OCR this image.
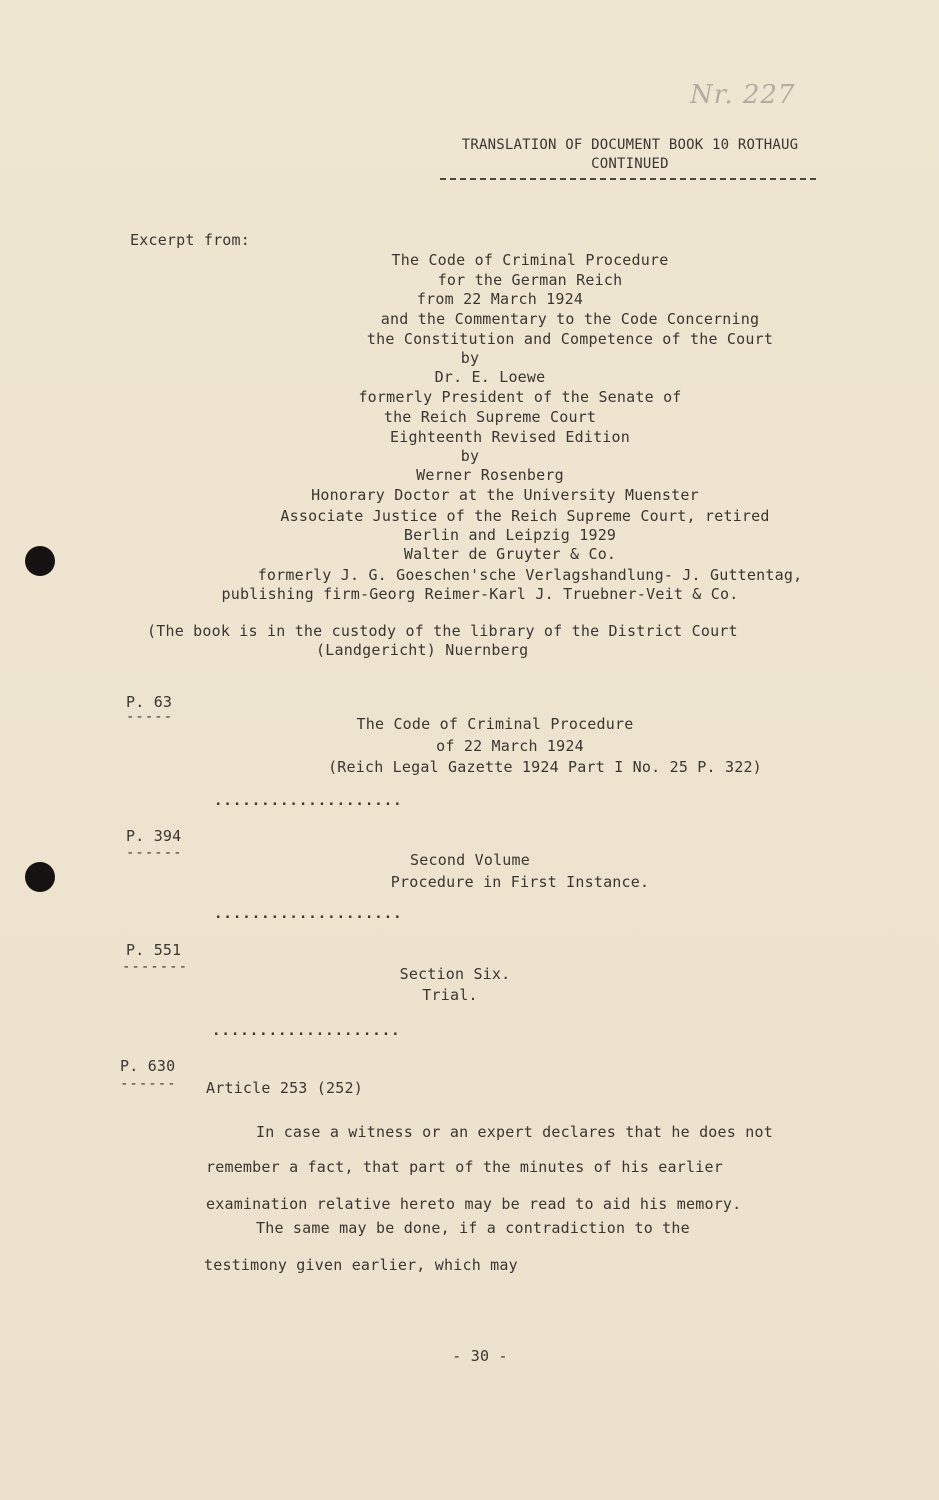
Nr. 227
TRANSLATION OF DOCUMENT BOOK 10 ROTHAUG
CONTINUED
Excerpt from:
The Code of Criminal Procedure
for the German Reich
from 22 March 1924
and the Commentary to the Code Concerning
the Constitution and Competence of the Court
by
Dr. E. Loewe
formerly President of the Senate of
the Reich Supreme Court
Eighteenth Revised Edition
by
Werner Rosenberg
Honorary Doctor at the University Muenster
Associate Justice of the Reich Supreme Court, retired
Berlin and Leipzig 1929
Walter de Gruyter & Co.
formerly J. G. Goeschen'sche Verlagshandlung- J. Guttentag,
publishing firm-Georg Reimer-Karl J. Truebner-Veit & Co.
(The book is in the custody of the library of the District Court
(Landgericht) Nuernberg
P. 63
-----	The Code of Criminal Procedure
of 22 March 1924
(Reich Legal Gazette 1924 Part I No. 25 P. 322)
....................
P. 394
------	Second Volume
Procedure in First Instance.
....................
P. 551
-------	Section Six.
Trial.
....................
P. 630
------ Article 253 (252)
In case a witness or an expert declares that he does not
remember a fact, that part of the minutes of his earlier
examination relative hereto may be read to aid his memory.
The same may be done, if a contradiction to the
testimony given earlier, which may
- 30 -
